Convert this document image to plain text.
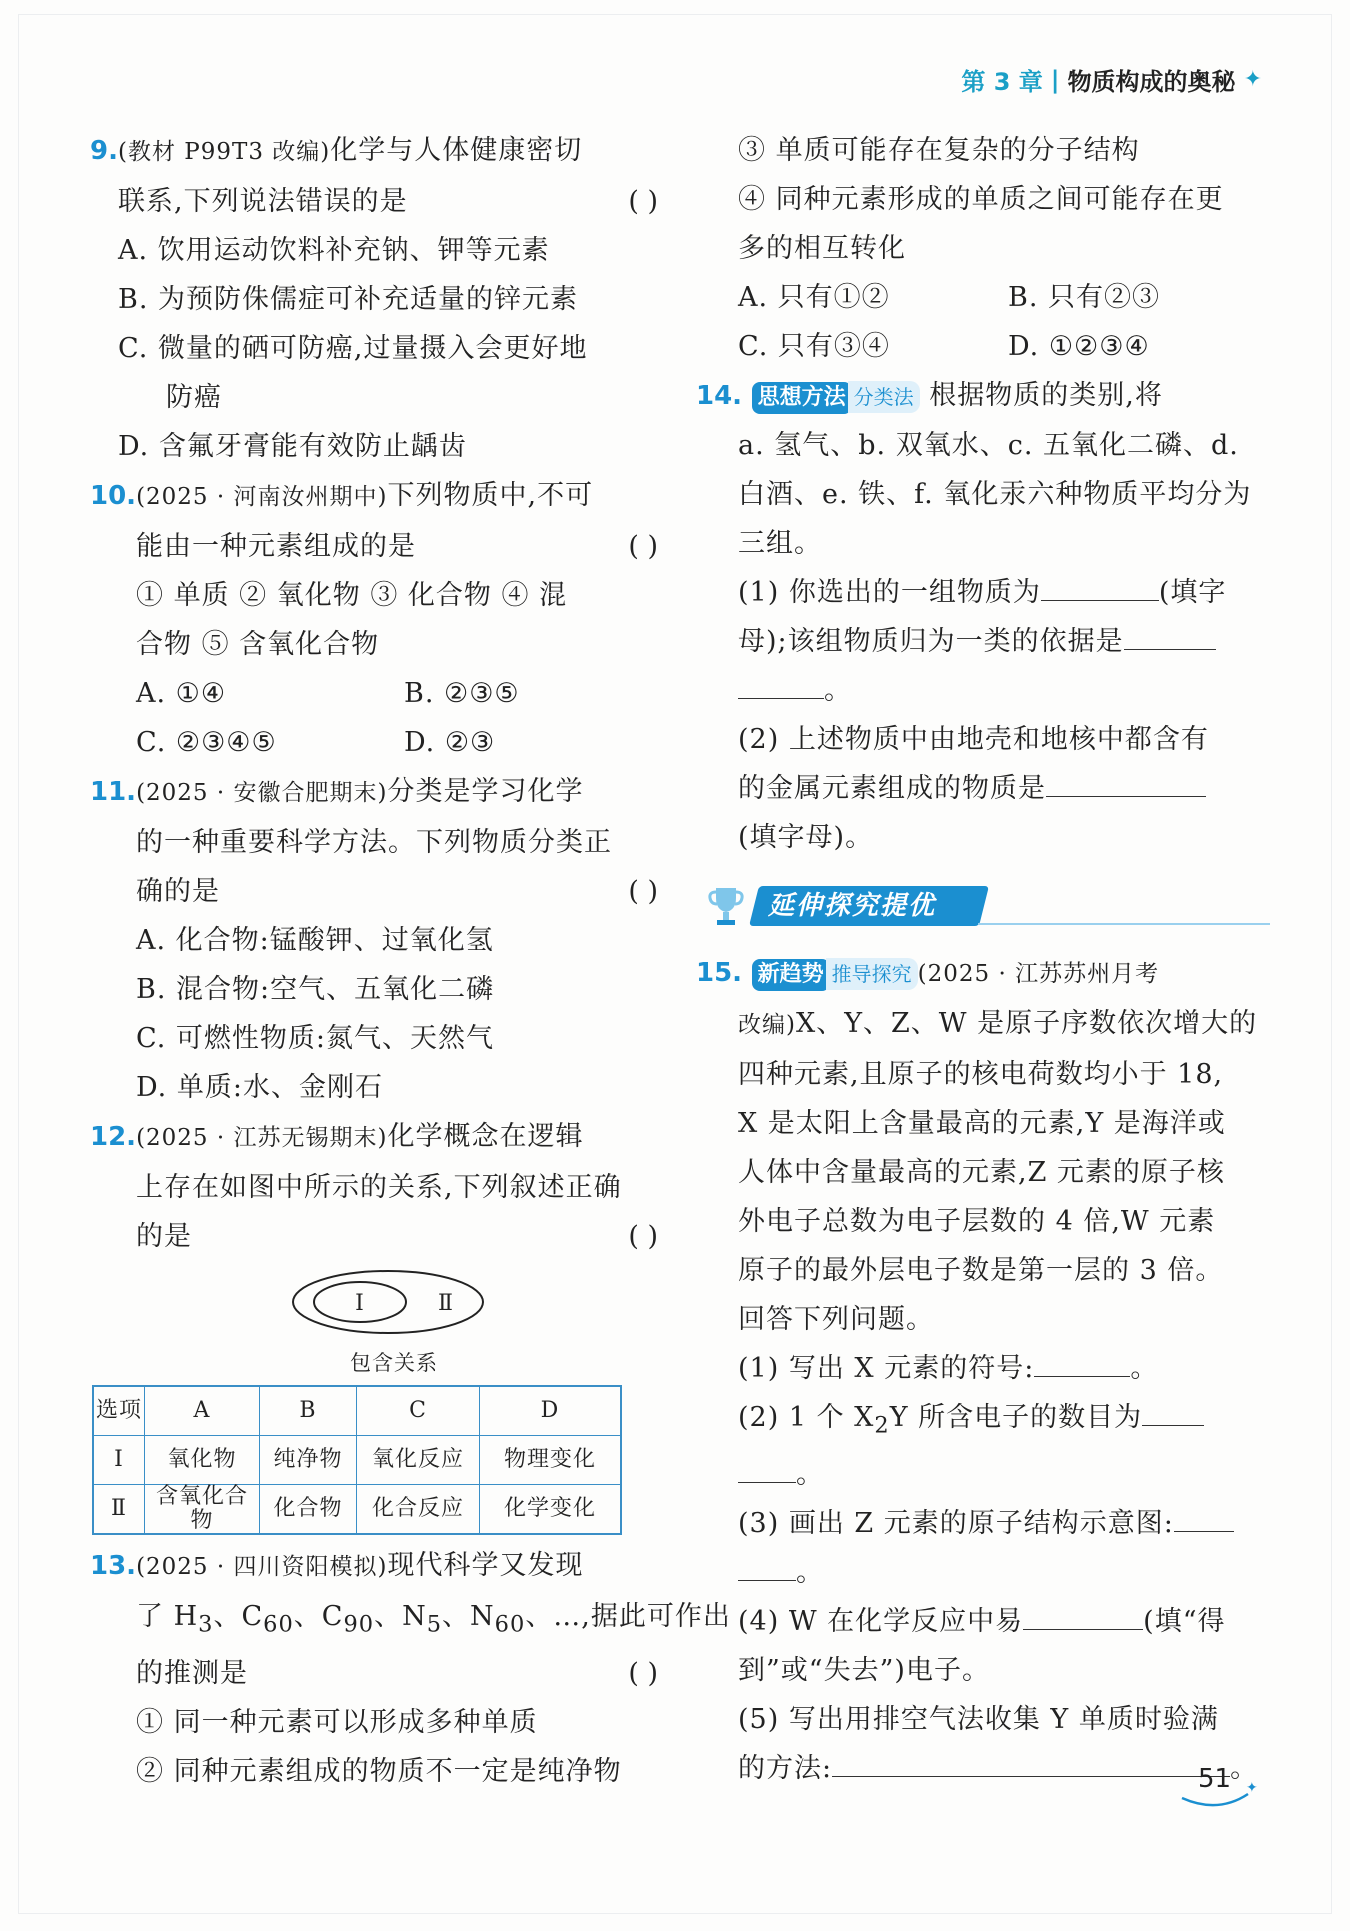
第 3 章 | 物质构成的奥秘 ✦
9.(教材 P99T3 改编)化学与人体健康密切
联系,下列说法错误的是	( )
A. 饮用运动饮料补充钠、钾等元素
B. 为预防侏儒症可补充适量的锌元素
C. 微量的硒可防癌,过量摄入会更好地
防癌
D. 含氟牙膏能有效防止龋齿
10.(2025 · 河南汝州期中)下列物质中,不可
能由一种元素组成的是	( )
① 单质 ② 氧化物 ③ 化合物 ④ 混
合物 ⑤ 含氧化合物
A. ①④	B. ②③⑤
C. ②③④⑤	D. ②③
11.(2025 · 安徽合肥期末)分类是学习化学
的一种重要科学方法。下列物质分类正
确的是	( )
A. 化合物:锰酸钾、过氧化氢
B. 混合物:空气、五氧化二磷
C. 可燃性物质:氮气、天然气
D. 单质:水、金刚石
12.(2025 · 江苏无锡期末)化学概念在逻辑
上存在如图中所示的关系,下列叙述正确
的是	( )
Ⅰ	Ⅱ
包含关系
选项	A	B	C	D
Ⅰ	氧化物	纯净物	氧化反应	物理变化
Ⅱ	含氧化合物	化合物	化合反应	化学变化
13.(2025 · 四川资阳模拟)现代科学又发现
了 $H_3$、$C_{60}$、$C_{90}$、$N_5$、$N_{60}$、…,据此可作出
的推测是	( )
① 同一种元素可以形成多种单质
② 同种元素组成的物质不一定是纯净物
③ 单质可能存在复杂的分子结构
④ 同种元素形成的单质之间可能存在更
多的相互转化
A. 只有①②	B. 只有②③
C. 只有③④	D. ①②③④
14. 思想方法 分类法 根据物质的类别,将
a. 氢气、b. 双氧水、c. 五氧化二磷、d.
白酒、e. 铁、f. 氧化汞六种物质平均分为
三组。
(1) 你选出的一组物质为	(填字
母);该组物质归为一类的依据是
。
(2) 上述物质中由地壳和地核中都含有
的金属元素组成的物质是
(填字母)。
延伸探究提优
15. 新趋势 推导探究 (2025 · 江苏苏州月考
改编)X、Y、Z、W 是原子序数依次增大的
四种元素,且原子的核电荷数均小于 18,
X 是太阳上含量最高的元素,Y 是海洋或
人体中含量最高的元素,Z 元素的原子核
外电子总数为电子层数的 4 倍,W 元素
原子的最外层电子数是第一层的 3 倍。
回答下列问题。
(1) 写出 X 元素的符号:	。
(2) 1 个 $X_2Y$ 所含电子的数目为
。
(3) 画出 Z 元素的原子结构示意图:
。
(4) W 在化学反应中易	(填“得
到”或“失去”)电子。
(5) 写出用排空气法收集 Y 单质时验满
的方法:	。
✦
51
